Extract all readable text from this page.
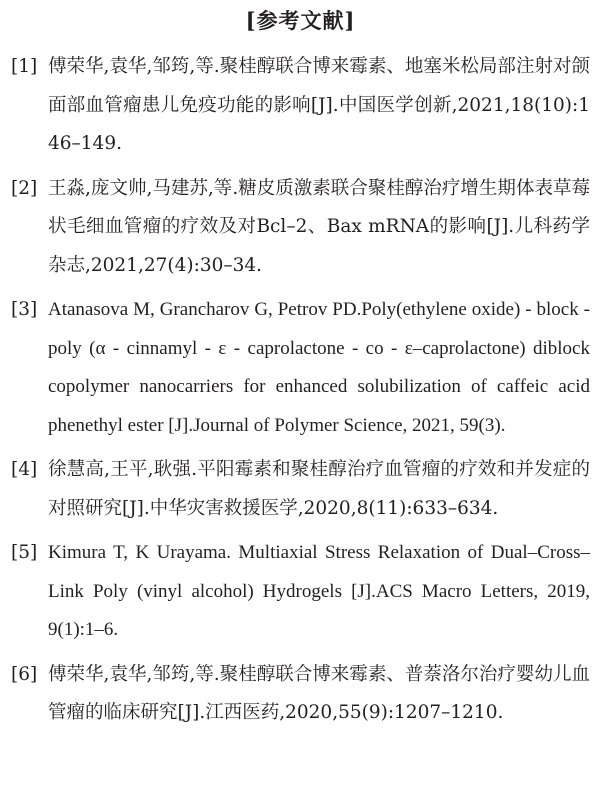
[参考文献]
[1] 傅荣华,袁华,邹筠,等.聚桂醇联合博来霉素、地塞米松局部注射对颌面部血管瘤患儿免疫功能的影响[J].中国医学创新,2021,18(10):146–149.
[2] 王淼,庞文帅,马建苏,等.糖皮质激素联合聚桂醇治疗增生期体表草莓状毛细血管瘤的疗效及对Bcl–2、Bax mRNA的影响[J].儿科药学杂志,2021,27(4):30–34.
[3] Atanasova M, Grancharov G, Petrov PD.Poly(ethylene oxide) - block - poly (α - cinnamyl - ε - caprolactone - co - ε–caprolactone) diblock copolymer nanocarriers for enhanced solubilization of caffeic acid phenethyl ester [J].Journal of Polymer Science, 2021, 59(3).
[4] 徐慧高,王平,耿强.平阳霉素和聚桂醇治疗血管瘤的疗效和并发症的对照研究[J].中华灾害救援医学,2020,8(11):633–634.
[5] Kimura T, K Urayama. Multiaxial Stress Relaxation of Dual–Cross–Link Poly (vinyl alcohol) Hydrogels [J].ACS Macro Letters, 2019, 9(1):1–6.
[6] 傅荣华,袁华,邹筠,等.聚桂醇联合博来霉素、普萘洛尔治疗婴幼儿血管瘤的临床研究[J].江西医药,2020,55(9):1207–1210.
